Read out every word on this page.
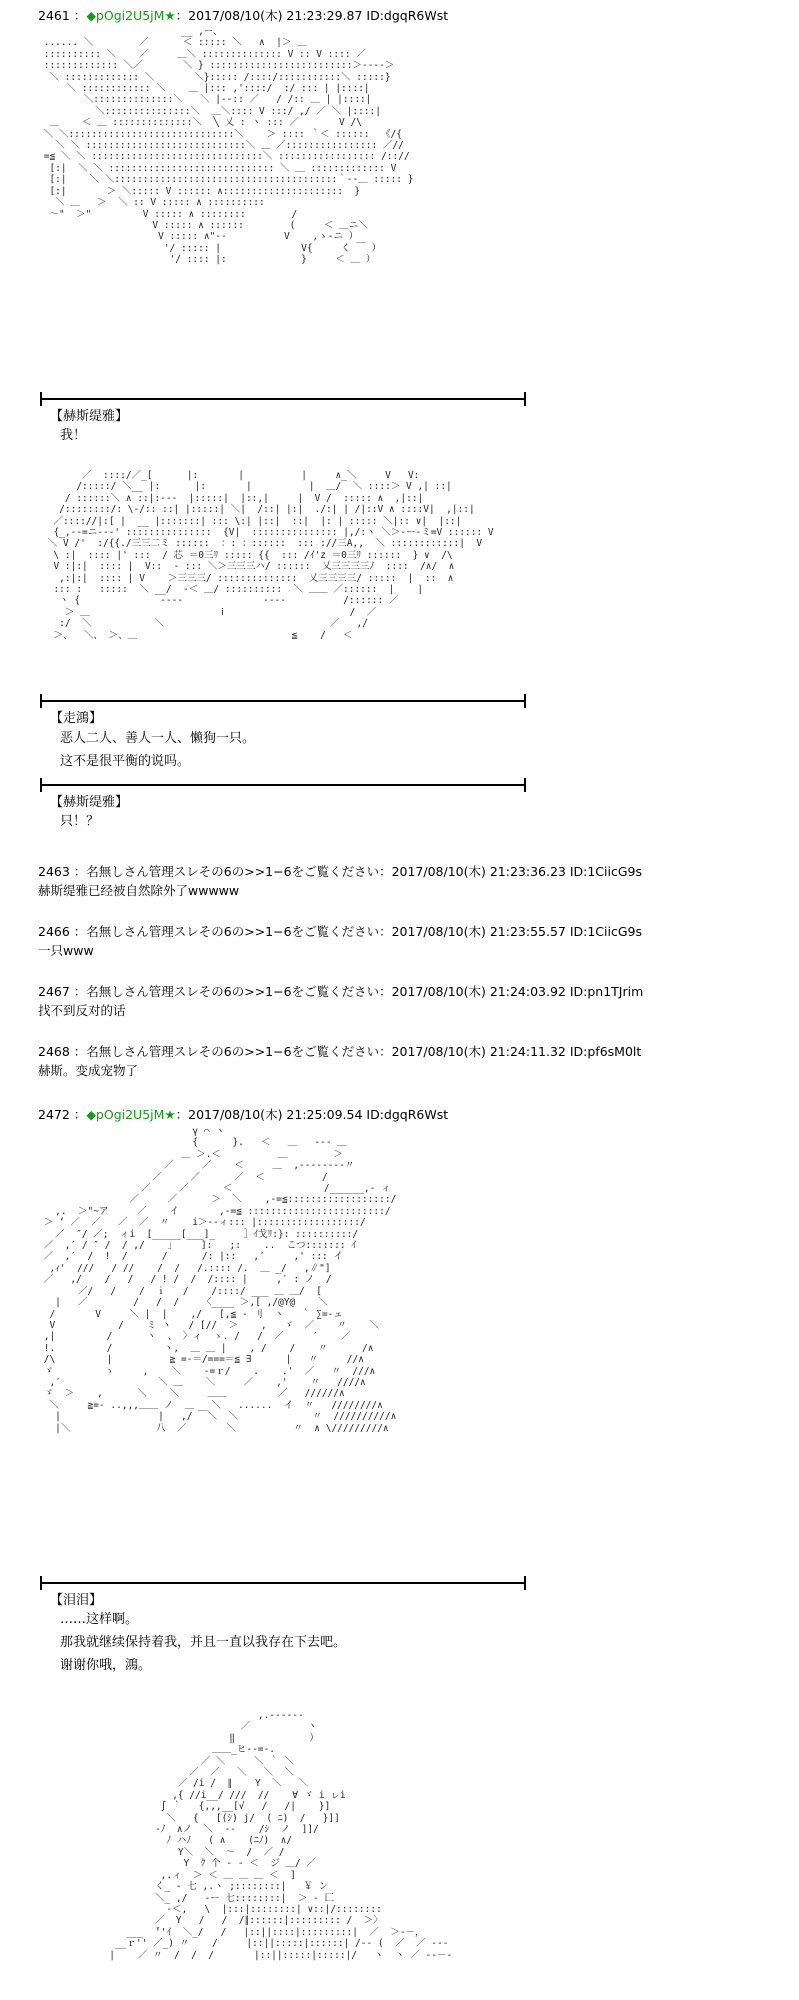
2461 ：◆pOgi2U5jM★：2017/08/10(木) 21:23:29.87 ID:dgqR6Wst
__ ,ー、
...... ＼        ／      ＜ ::::: ＼   ∧  |＞ ＿
:::::::::: ＼    ／     ＿＼ :::::::::::::: V :: V :::: ／
::::::::::::: ＼／       ＼ } :::::::::::::::::::::::::＞‐‐‐‐＞
＼ ::::::::::::: ＼       ＼}::::: /::::/:::::::::::＼ :::::}
＼ :::::::::::: ＼    ＿ |::: ,'::::/  :/ ::: | |::::|
＼::::::::::::::＼   ＼ |-‐:: ／   / /:: ＿ | |::::|
＼:::::::::::::::＼  ＿＼:::: V :::/ ,/ ／ ＼ |::::|
＿    ＜ ＿ ::::::::::::::＼  ╲ 乂 : ヽ ::: ／       V /\
＼ ＼:::::::::::::::::::::::::::::＼    ＞ :::: ｀＜ ::::::  《/{
＼ ＼ ::::::::::::::::::::::::::::＼ ＿ ／:::::::::::::::: ／//
=≦ ＼ ＼ ::::::::::::::::::::::::::::::＼ ::::::::::::::::: /:://
[:|  ＼ ＼ ::::::::::::::::::::::::::::: ＼ ＿ ::::::::::::: V
[:|    ＼ ＼:::::::::::::::::::::::::::::::::::::::｀‐‐＿ ::::: }
[:|       ＞ ＼::::: V :::::: ∧:::::::::::::::::::::  }
＼ ＿   ＞  ＼ :: V ::::: ∧ ::::::::::
～"  ＞"         V ::::: ∧ ::::::::        /
V ::::: ∧ ::::::        (     ＜ ＿ニ＼
V ::::: ∧"‐-          V    ,ゝ-ニ ）
'/ ::::: |              V{     く ￣ ）
'/ :::: |:             }     ＜ ＿ ）
【赫斯缇雅】
我！
／  ::::/／_[      |:       |          |     ∧_＼     V   V:
/:::::/ ＼__ |:      |:       |          |  ＿/  ＼ ::::＞ V ,| ::|
/ ::::::＼ ∧ ::|:---  |:::::|  |::,|     |  V /  ::::: ∧  ,|::|
/::::::::/: \-/:: ::| |:::::| ＼|  /::| |:|  ./:| | /|::V ∧ ::::V|  ,|::|
／:::://|:[ |  __ |:::::::| ::: \:| |::|  ::|  |: | ::::: ＼|:: ∨|  |::|
{_,--=ニ‐‐-' :::::::::::::::  {V|  ::::::::::::::: |,/:ヽ ＼＞-ー-ミ=V :::::: V
＼ V /'  :/{{./三三二ミ ::::::  ：: ：::::::  ::: ://三A,,  ＼ ::::::::::::|  V
\ :|  :::: |' :::  / 芯 ＝0三ﾘ ::::: {{  ::: /ｲ'z ＝0三ﾘ ::::::  } ∨  /\
V :|:|  :::: |  V::  ‐ ::: ＼＞三三三ハ/ ::::::  乂三三三三ﾉ  ::::  /∧/  ∧
,:|:|  :::: | V    ＞三三三/ ::::::::::::::  乂三三三三/ :::::  |  ::  ∧
::: :   :::::  ＼ __/  ‐＜ ＿/ ::::::::::  ＼ ＿＿ ／::::::  |    |
ヽ {              ‐‐‐‐              ‐‐‐‐          /:::::: ／
＞ ＿                       ⅰ                      /  ／
:/  ＼           ＼                             ／   ,/
＞、  ＼、 ＞、＿                           ≦    /   ＜
【走鴻】
恶人二人、善人一人、懒狗一只。
这不是很平衡的说吗。
【赫斯缇雅】
只！？
2463 ：名無しさん管理スレその6の>>1−6をご覧ください：2017/08/10(木) 21:23:36.23 ID:1CiicG9s
赫斯缇雅已经被自然除外了wwwww
2466 ：名無しさん管理スレその6の>>1−6をご覧ください：2017/08/10(木) 21:23:55.57 ID:1CiicG9s
一只www
2467 ：名無しさん管理スレその6の>>1−6をご覧ください：2017/08/10(木) 21:24:03.92 ID:pn1TJrim
找不到反对的话
2468 ：名無しさん管理スレその6の>>1−6をご覧ください：2017/08/10(木) 21:24:11.32 ID:pf6sM0lt
赫斯。变成宠物了
2472 ：◆pOgi2U5jM★：2017/08/10(木) 21:25:09.54 ID:dgqR6Wst
γ ⌒ ヽ
{      }.   ＜   ＿   ‐‐‐ ＿
＿ ＞.＜          ＿        ＞
／     ／    ＜     ＿  ,‐‐‐‐‐‐‐‐〃
／     ／      ／  ＜          /
／     ／      ＜                /______,- ィ
／     ／      ＞  ＼    ,-=≦::::::::::::::::::/
,.  ＞"~ア     ／    イ       ,-=≦ ::::::::::::::::::::::::/
＞ ‘ ／  ／   ／  ／  〃    i＞-‐ィ::: |::::::::::::::::::/
／  ″/ ／;  ィi  [_____[___]_     ］ｲ戈ﾘ:}: ::::::::::/
／  ,′ / ″ /  / ,/    ｣     ]:   ;:    ..  こつ::::::: ｲ
／  ,′  /  !  /      /      /: |::   ,′     ,' ::: イ
,ｨ'  ///   / //    /  /   /.:::: /.  ＿ _/   ,∥"]
／   ,/    /   /   / ! /  /  /:::: |     ,′ : ノ  /
／/   /    /  ｉ   /    /::::/ ___ ＿ ＿/  [
|   ／        /   /  /    〈____ ＞,[ ,/@Y@    ＼
/       V     ＼ |  |    ,/   [,≦ ‐ 刂  ヽ   ｀ ∑=-ェ
V           /    ミ ヽ   / [//  ＞    ,   ゞ  ／    〃    ＼
,|         /      ヽ  、 〉ィ  ゝ. /   /  ／     ′    ／
!.         /         ヽ,  ＿ ＿ |    , /    /    〃      /∧
/\         |          ≧ =-＝/===＝≦ ∃      |   〃     //∧
ゞ         ゝ     ,    ＼    -=ｒ/    .    .'  ／   〃  ///∧
,′                 ＼ ＿    ＼     ／    ,'    〃   ////∧
ゞ  ＞    ,      ＼    ＼     ＿＿         ／   //////∧
＼     ≧=- ..,,,＿＿ ノ  ＿   ＼   ......  イ  〃   ////////∧
|                 |   ,/ ￣＼  ＼             〃  //////////∧
|＼               八  ／       ＼          〃  ∧ \/////////∧
【泪泪】
……这样啊。
那我就继续保持着我，并且一直以我存在下去吧。
谢谢你哦，鴻。
,.------
／          ヽ
‖             ）
＿＿_ヒ--=‐.
／ ＼     ＼ ｀ ＼
／  ／   ＼   ＼  ＼
／ /i /  ∥    Y  ＼   ＼
,{ //i__/ ///  //    ∀ ゞ i ㇾi
∫ ｀   {,,,__[√   /   /|    }]
＼   {   [(ｼ) j/  ( ﾆ)  /   }]]
‐ﾉ  ∧ノ  ＼  ‐‐    /ｼ  ノ  ]]/
ﾉ ハﾉ   ( ∧    (ﾆﾉ)  ∧/
Y＼  ＼  ～  /  ／ /
Y  ｸ 个 - ‐ ＜  ジ ＿/ ／
,.ィ  ＞ ＜ ＿ ＿ ＿ ＜  ]
く_ ‐ 七 ,.ヽ ;::::::::|   ￥ ン
＼_ ,/   ‐ー 七::::::::|  ＞ - 匚
‐＜,   \  |:::|::::::::| ∨::|/::::::::
／  Y   /   /  /∥::::::|::::::::: /  ＞〉
___  ̄''ｲ  ＼_/   /   |::||::::|:::::::::|  ／  ＞‐－，
__ｒ'' ／_) 〃    /     |::||:::::|::::::| /‐‐ (  ／  ／ ‐‐‐
|    ／ 〃  /  /  /       |::||:::::|:::::|/   ヽ  ヽ ／ ‐‐－‐
